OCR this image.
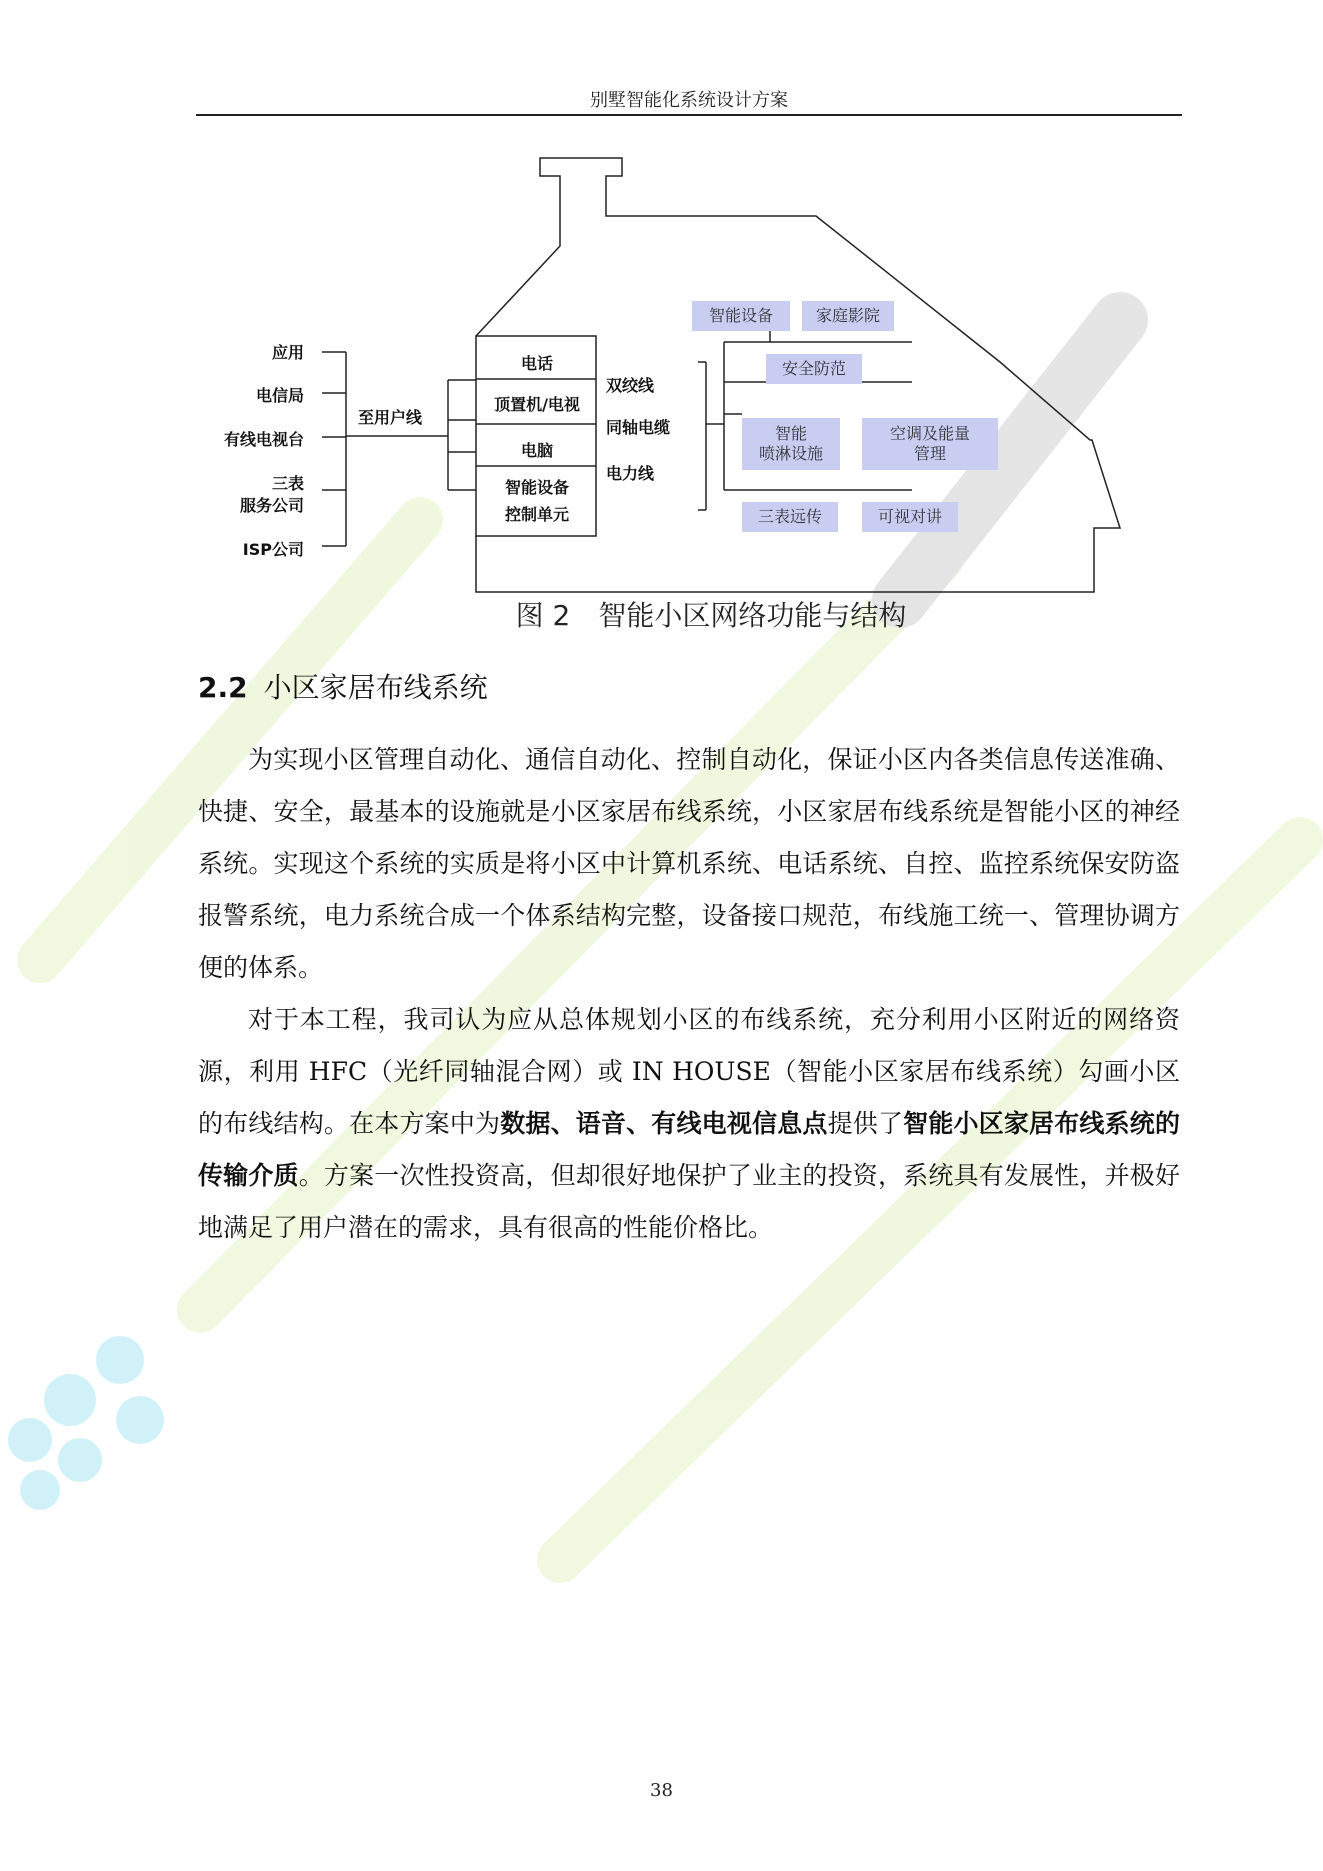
别墅智能化系统设计方案
应用
电信局
有线电视台
三表
服务公司
ISP公司
至用户线
电话
顶置机/电视
电脑
智能设备
控制单元
双绞线
同轴电缆
电力线
智能设备	家庭影院
安全防范
智能
喷淋设施
空调及能量
管理
三表远传	可视对讲
图 2　智能小区网络功能与结构
2.2 小区家居布线系统

为实现小区管理自动化、通信自动化、控制自动化，保证小区内各类信息传送准确、快捷、安全，最基本的设施就是小区家居布线系统，小区家居布线系统是智能小区的神经系统。实现这个系统的实质是将小区中计算机系统、电话系统、自控、监控系统保安防盗报警系统，电力系统合成一个体系结构完整，设备接口规范，布线施工统一、管理协调方便的体系。

对于本工程，我司认为应从总体规划小区的布线系统，充分利用小区附近的网络资源，利用 HFC（光纤同轴混合网）或 IN HOUSE（智能小区家居布线系统）勾画小区的布线结构。在本方案中为数据、语音、有线电视信息点提供了智能小区家居布线系统的传输介质。方案一次性投资高，但却很好地保护了业主的投资，系统具有发展性，并极好地满足了用户潜在的需求，具有很高的性能价格比。

38
